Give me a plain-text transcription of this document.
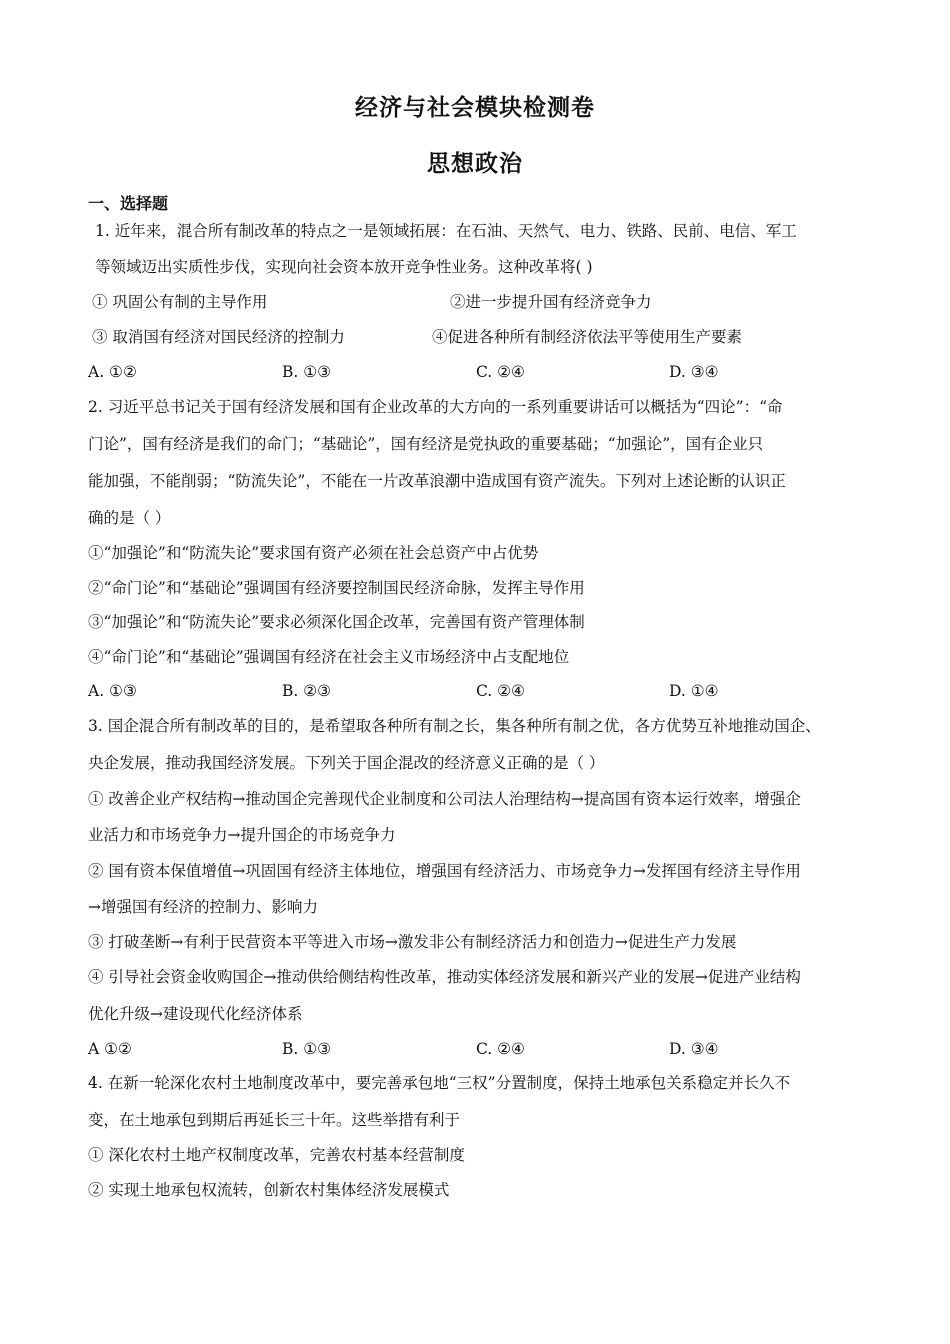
经济与社会模块检测卷
思想政治
一、选择题
1. 近年来，混合所有制改革的特点之一是领域拓展：在石油、天然气、电力、铁路、民前、电信、军工
等领域迈出实质性步伐，实现向社会资本放开竞争性业务。这种改革将( )
① 巩固公有制的主导作用	②进一步提升国有经济竞争力
③ 取消国有经济对国民经济的控制力	④促进各种所有制经济依法平等使用生产要素
A. ①②	B. ①③	C. ②④	D. ③④
2. 习近平总书记关于国有经济发展和国有企业改革的大方向的一系列重要讲话可以概括为“四论”：“命
门论”，国有经济是我们的命门；“基础论”，国有经济是党执政的重要基础；“加强论”，国有企业只
能加强，不能削弱；“防流失论”，不能在一片改革浪潮中造成国有资产流失。下列对上述论断的认识正
确的是（ ）
①“加强论”和“防流失论”要求国有资产必须在社会总资产中占优势
②“命门论”和“基础论”强调国有经济要控制国民经济命脉，发挥主导作用
③“加强论”和“防流失论”要求必须深化国企改革，完善国有资产管理体制
④“命门论”和“基础论”强调国有经济在社会主义市场经济中占支配地位
A. ①③	B. ②③	C. ②④	D. ①④
3. 国企混合所有制改革的目的，是希望取各种所有制之长，集各种所有制之优，各方优势互补地推动国企、
央企发展，推动我国经济发展。下列关于国企混改的经济意义正确的是（ ）
① 改善企业产权结构→推动国企完善现代企业制度和公司法人治理结构→提高国有资本运行效率，增强企
业活力和市场竞争力→提升国企的市场竞争力
② 国有资本保值增值→巩固国有经济主体地位，增强国有经济活力、市场竞争力→发挥国有经济主导作用
→增强国有经济的控制力、影响力
③ 打破垄断→有利于民营资本平等进入市场→激发非公有制经济活力和创造力→促进生产力发展
④ 引导社会资金收购国企→推动供给侧结构性改革，推动实体经济发展和新兴产业的发展→促进产业结构
优化升级→建设现代化经济体系
A ①②	B. ①③	C. ②④	D. ③④
4. 在新一轮深化农村土地制度改革中，要完善承包地“三权”分置制度，保持土地承包关系稳定并长久不
变，在土地承包到期后再延长三十年。这些举措有利于
① 深化农村土地产权制度改革，完善农村基本经营制度
② 实现土地承包权流转，创新农村集体经济发展模式
